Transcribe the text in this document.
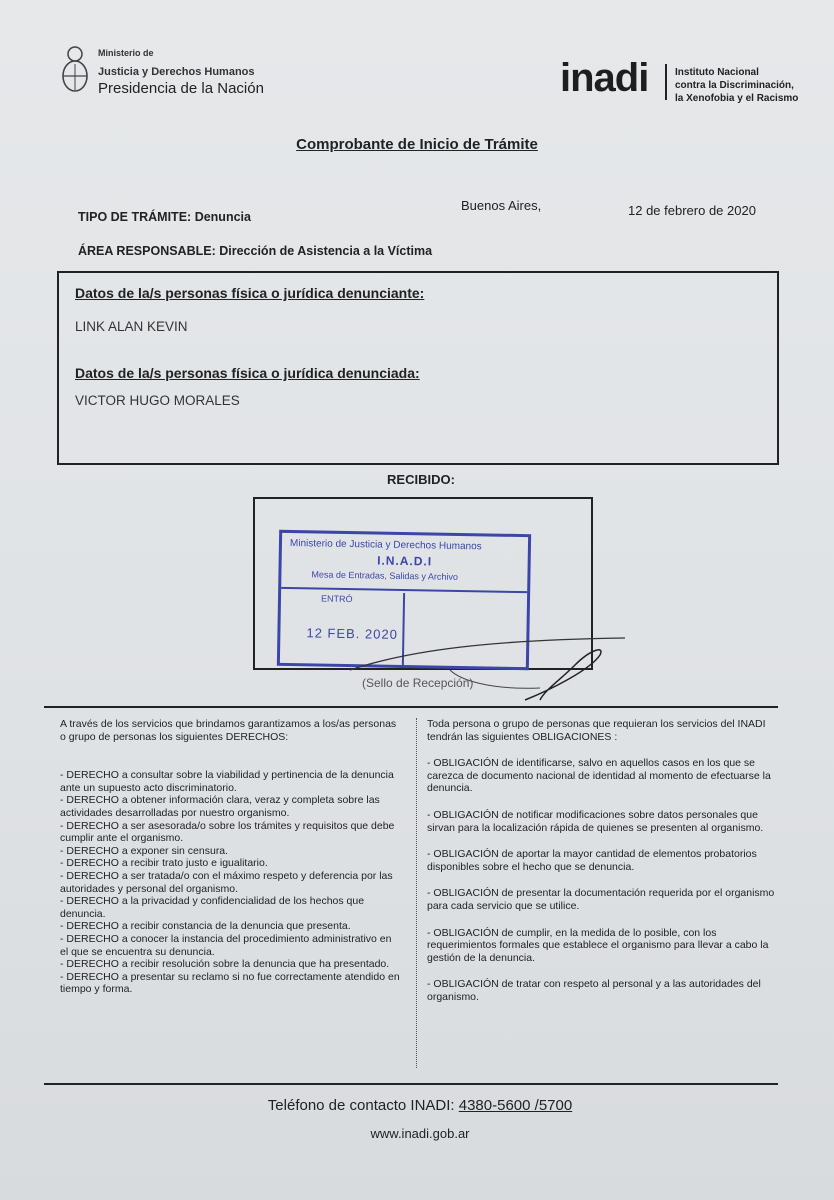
Ministerio de
Justicia y Derechos Humanos
Presidencia de la Nación	inadi	Instituto Nacional
contra la Discriminación,
la Xenofobia y el Racismo
Comprobante de Inicio de Trámite
Buenos Aires,	12 de febrero de 2020
TIPO DE TRÁMITE: Denuncia
ÁREA RESPONSABLE: Dirección de Asistencia a la Víctima
Datos de la/s personas física o jurídica denunciante:
LINK ALAN KEVIN
Datos de la/s personas física o jurídica denunciada:
VICTOR HUGO MORALES
RECIBIDO:
Ministerio de Justicia y Derechos Humanos
I.N.A.D.I
Mesa de Entradas, Salidas y Archivo
ENTRÓ
12 FEB. 2020
(Sello de Recepción)

A través de los servicios que brindamos garantizamos a los/as personas o grupo de personas los siguientes DERECHOS:

- DERECHO a consultar sobre la viabilidad y pertinencia de la denuncia ante un supuesto acto discriminatorio.

- DERECHO a obtener información clara, veraz y completa sobre las actividades desarrolladas por nuestro organismo.

- DERECHO a ser asesorada/o sobre los trámites y requisitos que debe cumplir ante el organismo.

- DERECHO a exponer sin censura.

- DERECHO a recibir trato justo e igualitario.

- DERECHO a ser tratada/o con el máximo respeto y deferencia por las autoridades y personal del organismo.

- DERECHO a la privacidad y confidencialidad de los hechos que denuncia.

- DERECHO a recibir constancia de la denuncia que presenta.

- DERECHO a conocer la instancia del procedimiento administrativo en el que se encuentra su denuncia.

- DERECHO a recibir resolución sobre la denuncia que ha presentado.

- DERECHO a presentar su reclamo si no fue correctamente atendido en tiempo y forma.

Toda persona o grupo de personas que requieran los servicios del INADI tendrán las siguientes OBLIGACIONES :

- OBLIGACIÓN de identificarse, salvo en aquellos casos en los que se carezca de documento nacional de identidad al momento de efectuarse la denuncia.

- OBLIGACIÓN de notificar modificaciones sobre datos personales que sirvan para la localización rápida de quienes se presenten al organismo.

- OBLIGACIÓN de aportar la mayor cantidad de elementos probatorios disponibles sobre el hecho que se denuncia.

- OBLIGACIÓN de presentar la documentación requerida por el organismo para cada servicio que se utilice.

- OBLIGACIÓN de cumplir, en la medida de lo posible, con los requerimientos formales que establece el organismo para llevar a cabo la gestión de la denuncia.

- OBLIGACIÓN de tratar con respeto al personal y a las autoridades del organismo.

Teléfono de contacto INADI: 4380-5600 /5700
www.inadi.gob.ar
